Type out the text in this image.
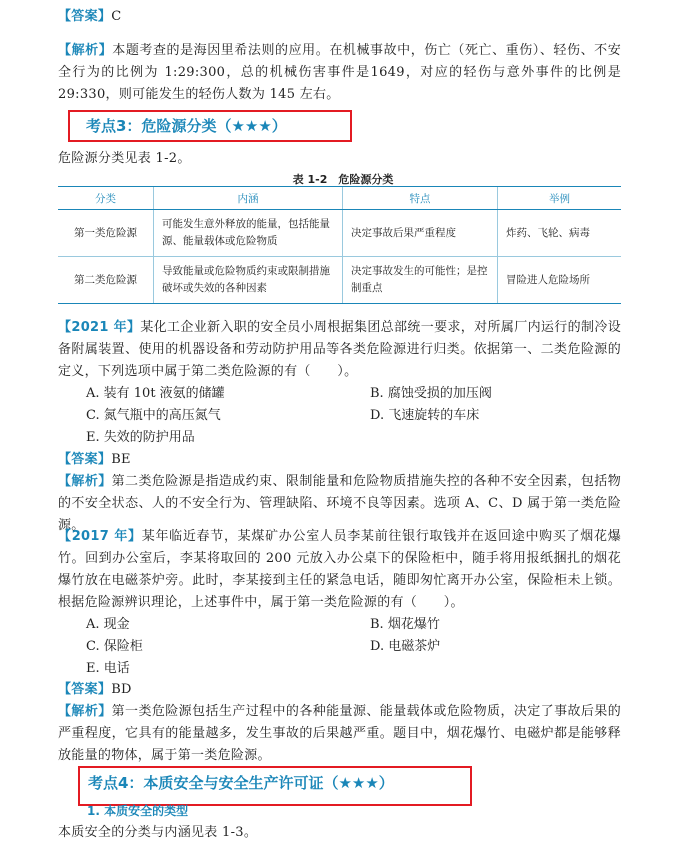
【答案】C
【解析】本题考查的是海因里希法则的应用。在机械事故中，伤亡（死亡、重伤）、轻伤、不安全行为的比例为 1:29:300，总的机械伤害事件是1649，对应的轻伤与意外事件的比例是 29:330，则可能发生的轻伤人数为 145 左右。
考点3：危险源分类（★★★）
危险源分类见表 1-2。
表 1-2　危险源分类
分类	内涵	特点	举例
第一类危险源	可能发生意外释放的能量，包括能量源、能量载体或危险物质	决定事故后果严重程度	炸药、飞轮、病毒
第二类危险源	导致能量或危险物质约束或限制措施破坏或失效的各种因素	决定事故发生的可能性；是控制重点	冒险进人危险场所
【2021 年】某化工企业新入职的安全员小周根据集团总部统一要求，对所属厂内运行的制冷设备附属装置、使用的机器设备和劳动防护用品等各类危险源进行归类。依据第一、二类危险源的定义，下列选项中属于第二类危险源的有（　　）。
A. 装有 10t 液氨的储罐	B. 腐蚀受损的加压阀
C. 氮气瓶中的高压氮气	D. 飞速旋转的车床
E. 失效的防护用品
【答案】BE
【解析】第二类危险源是指造成约束、限制能量和危险物质措施失控的各种不安全因素，包括物的不安全状态、人的不安全行为、管理缺陷、环境不良等因素。选项 A、C、D 属于第一类危险源。
【2017 年】某年临近春节，某煤矿办公室人员李某前往银行取钱并在返回途中购买了烟花爆竹。回到办公室后，李某将取回的 200 元放入办公桌下的保险柜中，随手将用报纸捆扎的烟花爆竹放在电磁茶炉旁。此时，李某接到主任的紧急电话，随即匆忙离开办公室，保险柜未上锁。根据危险源辨识理论，上述事件中，属于第一类危险源的有（　　）。
A. 现金	B. 烟花爆竹
C. 保险柜	D. 电磁茶炉
E. 电话
【答案】BD
【解析】第一类危险源包括生产过程中的各种能量源、能量载体或危险物质，决定了事故后果的严重程度，它具有的能量越多，发生事故的后果越严重。题目中，烟花爆竹、电磁炉都是能够释放能量的物体，属于第一类危险源。
考点4：本质安全与安全生产许可证（★★★）
1. 本质安全的类型
本质安全的分类与内涵见表 1-3。
